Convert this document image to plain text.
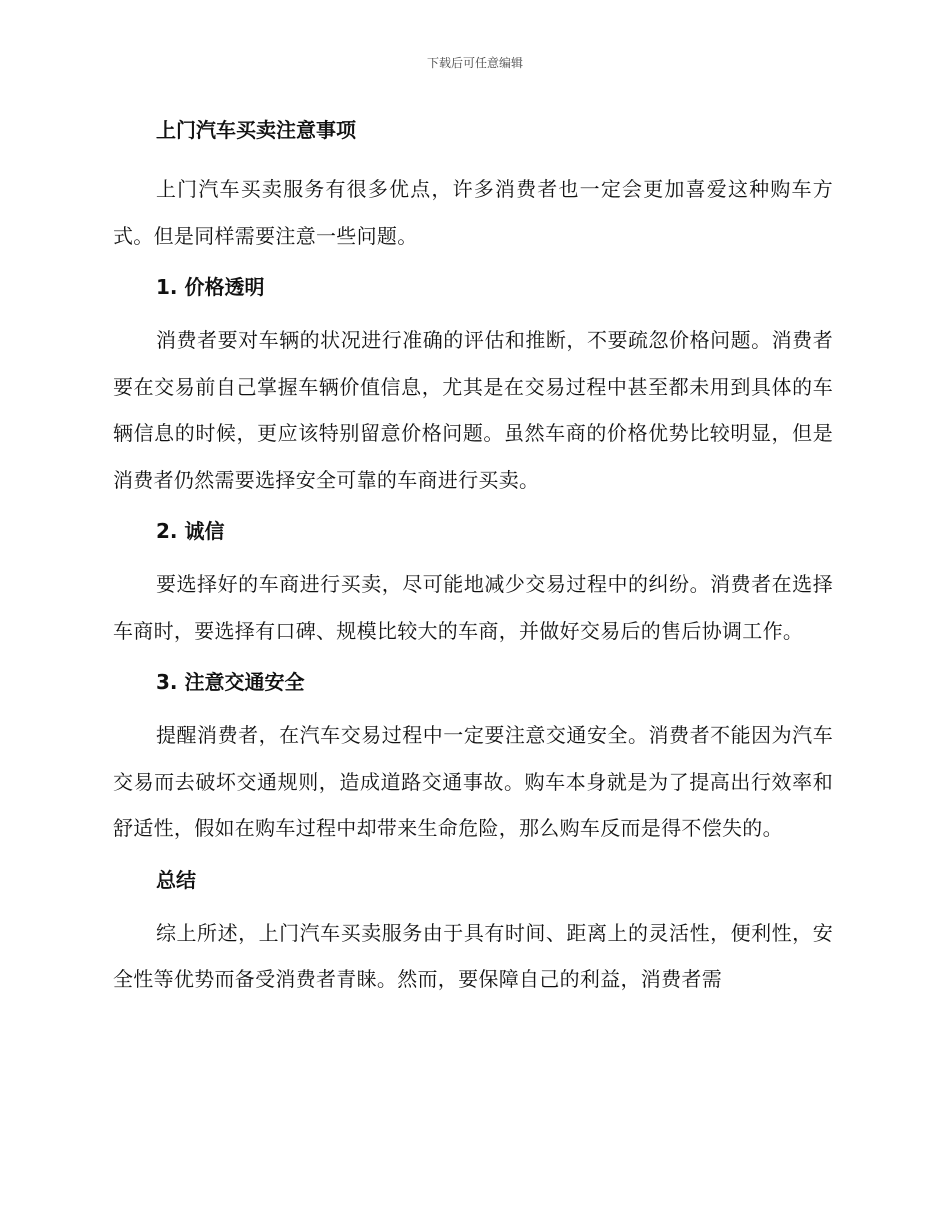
下载后可任意编辑
上门汽车买卖注意事项

上门汽车买卖服务有很多优点，许多消费者也一定会更加喜爱这种购车方式。但是同样需要注意一些问题。

1. 价格透明

消费者要对车辆的状况进行准确的评估和推断，不要疏忽价格问题。消费者要在交易前自己掌握车辆价值信息，尤其是在交易过程中甚至都未用到具体的车辆信息的时候，更应该特别留意价格问题。虽然车商的价格优势比较明显，但是消费者仍然需要选择安全可靠的车商进行买卖。

2. 诚信

要选择好的车商进行买卖，尽可能地减少交易过程中的纠纷。消费者在选择车商时，要选择有口碑、规模比较大的车商，并做好交易后的售后协调工作。

3. 注意交通安全

提醒消费者，在汽车交易过程中一定要注意交通安全。消费者不能因为汽车交易而去破坏交通规则，造成道路交通事故。购车本身就是为了提高出行效率和舒适性，假如在购车过程中却带来生命危险，那么购车反而是得不偿失的。

总结

综上所述，上门汽车买卖服务由于具有时间、距离上的灵活性，便利性，安全性等优势而备受消费者青睐。然而，要保障自己的利益，消费者需
